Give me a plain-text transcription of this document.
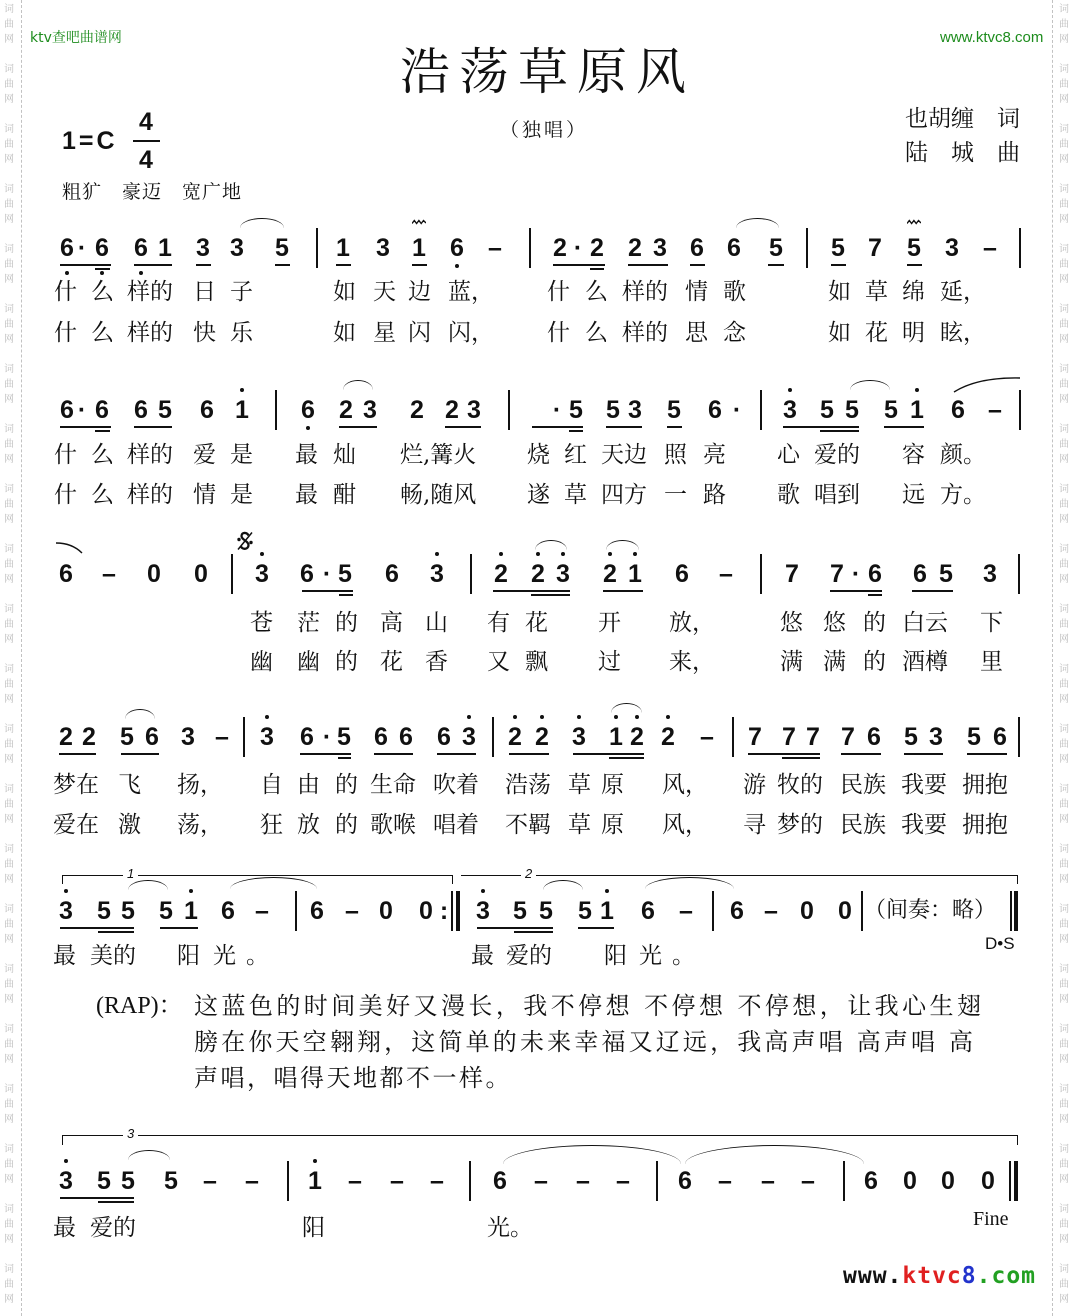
词曲网
词曲网
词曲网
词曲网
词曲网
词曲网
词曲网
词曲网
词曲网
词曲网
词曲网
词曲网
词曲网
词曲网
词曲网
词曲网
词曲网
词曲网
词曲网
词曲网
词曲网
词曲网
词曲网
词曲网
词曲网
词曲网
词曲网
词曲网
词曲网
词曲网
词曲网
词曲网
词曲网
词曲网
词曲网
词曲网
词曲网
词曲网
词曲网
词曲网
词曲网
词曲网
词曲网
词曲网
ktv查吧曲谱网	www.ktvc8.com
浩荡草原风
（独唱）
1=C
4
4
粗犷　豪迈　宽广地
也胡缠　词
陆　城　曲
6 · 6 6 1 3 3 5 1 3 1 6 – 2 · 2 2 3 6 6 5 5 7 5 3 –
什 么 样的 日 子	如 天 边 蓝， 什 么 样的 情 歌	如 草 绵 延，
什 么 样的 快 乐	如 星 闪 闪， 什 么 样的 思 念	如 花 明 眩，
6 · 6 6 5 6 1 6 2 3 2 2 3	· 5 5 3 5 6 · 3 5 5 5 1 6 –
什 么 样的 爱 是 最 灿 烂,篝火 烧 红 天边 照 亮 心 爱的 容 颜。
什 么 样的 情 是 最 酣 畅,随风 遂 草 四方 一 路 歌 唱到 远 方。
6 – 0 0 3 6 · 5 6 3 2 2 3 2 1 6 – 7 7 · 6 6 5 3
苍 茫 的 高 山 有 花 开 放，	悠 悠 的 白云 下
幽 幽 的 花 香 又 飘 过 来，	满 满 的 酒樽 里
2 2 5 6 3 – 3 6 · 5 6 6 6 3 2 2 3 1 2 2 – 7 7 7 7 6 5 3 5 6
梦在 飞 扬， 自 由 的 生命 吹着 浩荡 草 原 风， 游 牧的 民族 我要 拥抱
爱在 激 荡， 狂 放 的 歌喉 唱着 不羁 草 原 风， 寻 梦的 民族 我要 拥抱
1
3 5 5 5 1 6 – 6 – 0 0 :
2
3 5 5 5 1 6 – 6 – 0 0 （间奏：略）
D•S
最 美的 阳 光 。	最 爱的 阳 光 。
(RAP)： 这蓝色的时间美好又漫长，我不停想 不停想 不停想，让我心生翅
膀在你天空翱翔，这简单的未来幸福又辽远，我高声唱 高声唱 高
声唱，唱得天地都不一样。
3
3 5 5 5 – – 1 – – – 6 – – – 6 – – – 6 0 0 0
Fine
最 爱的	阳	光。
www.ktvc8.com
